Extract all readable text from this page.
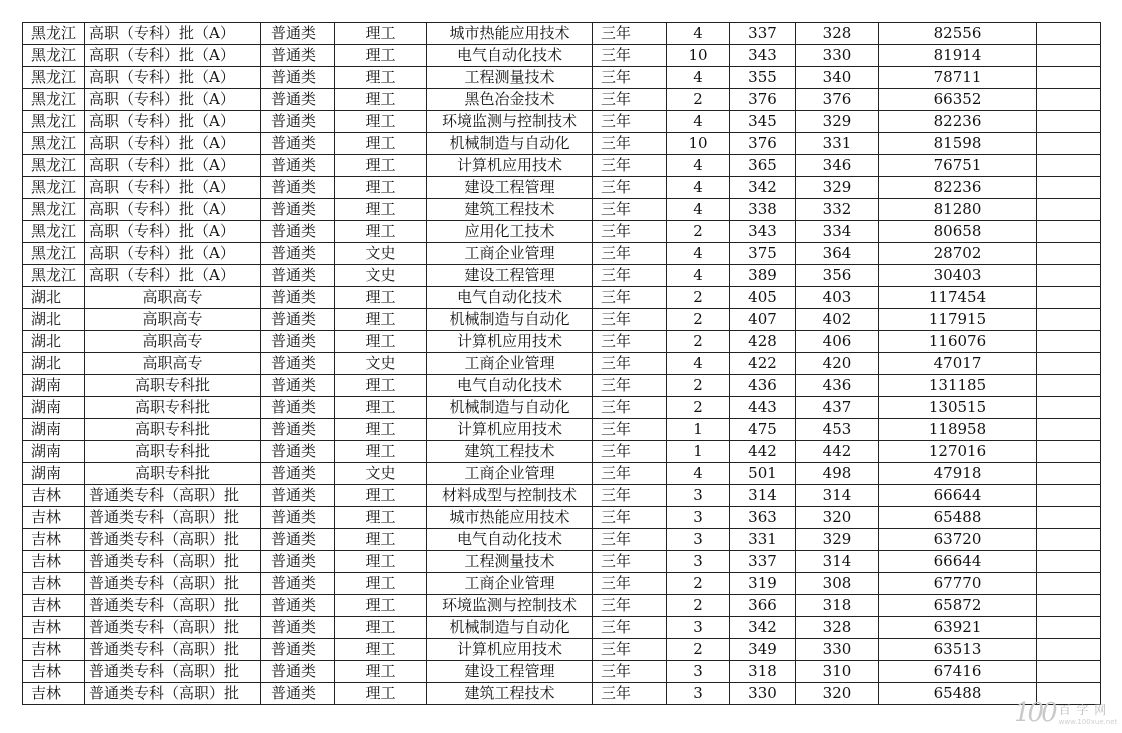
黑龙江	高职（专科）批（A）	普通类	理工	城市热能应用技术	三年	4	337	328	82556	
黑龙江	高职（专科）批（A）	普通类	理工	电气自动化技术	三年	10	343	330	81914	
黑龙江	高职（专科）批（A）	普通类	理工	工程测量技术	三年	4	355	340	78711	
黑龙江	高职（专科）批（A）	普通类	理工	黑色冶金技术	三年	2	376	376	66352	
黑龙江	高职（专科）批（A）	普通类	理工	环境监测与控制技术	三年	4	345	329	82236	
黑龙江	高职（专科）批（A）	普通类	理工	机械制造与自动化	三年	10	376	331	81598	
黑龙江	高职（专科）批（A）	普通类	理工	计算机应用技术	三年	4	365	346	76751	
黑龙江	高职（专科）批（A）	普通类	理工	建设工程管理	三年	4	342	329	82236	
黑龙江	高职（专科）批（A）	普通类	理工	建筑工程技术	三年	4	338	332	81280	
黑龙江	高职（专科）批（A）	普通类	理工	应用化工技术	三年	2	343	334	80658	
黑龙江	高职（专科）批（A）	普通类	文史	工商企业管理	三年	4	375	364	28702	
黑龙江	高职（专科）批（A）	普通类	文史	建设工程管理	三年	4	389	356	30403	
湖北	高职高专	普通类	理工	电气自动化技术	三年	2	405	403	117454	
湖北	高职高专	普通类	理工	机械制造与自动化	三年	2	407	402	117915	
湖北	高职高专	普通类	理工	计算机应用技术	三年	2	428	406	116076	
湖北	高职高专	普通类	文史	工商企业管理	三年	4	422	420	47017	
湖南	高职专科批	普通类	理工	电气自动化技术	三年	2	436	436	131185	
湖南	高职专科批	普通类	理工	机械制造与自动化	三年	2	443	437	130515	
湖南	高职专科批	普通类	理工	计算机应用技术	三年	1	475	453	118958	
湖南	高职专科批	普通类	理工	建筑工程技术	三年	1	442	442	127016	
湖南	高职专科批	普通类	文史	工商企业管理	三年	4	501	498	47918	
吉林	普通类专科（高职）批	普通类	理工	材料成型与控制技术	三年	3	314	314	66644	
吉林	普通类专科（高职）批	普通类	理工	城市热能应用技术	三年	3	363	320	65488	
吉林	普通类专科（高职）批	普通类	理工	电气自动化技术	三年	3	331	329	63720	
吉林	普通类专科（高职）批	普通类	理工	工程测量技术	三年	3	337	314	66644	
吉林	普通类专科（高职）批	普通类	理工	工商企业管理	三年	2	319	308	67770	
吉林	普通类专科（高职）批	普通类	理工	环境监测与控制技术	三年	2	366	318	65872	
吉林	普通类专科（高职）批	普通类	理工	机械制造与自动化	三年	3	342	328	63921	
吉林	普通类专科（高职）批	普通类	理工	计算机应用技术	三年	2	349	330	63513	
吉林	普通类专科（高职）批	普通类	理工	建设工程管理	三年	3	318	310	67416	
吉林	普通类专科（高职）批	普通类	理工	建筑工程技术	三年	3	330	320	65488	
100 百 字 网
www.100xue.net
